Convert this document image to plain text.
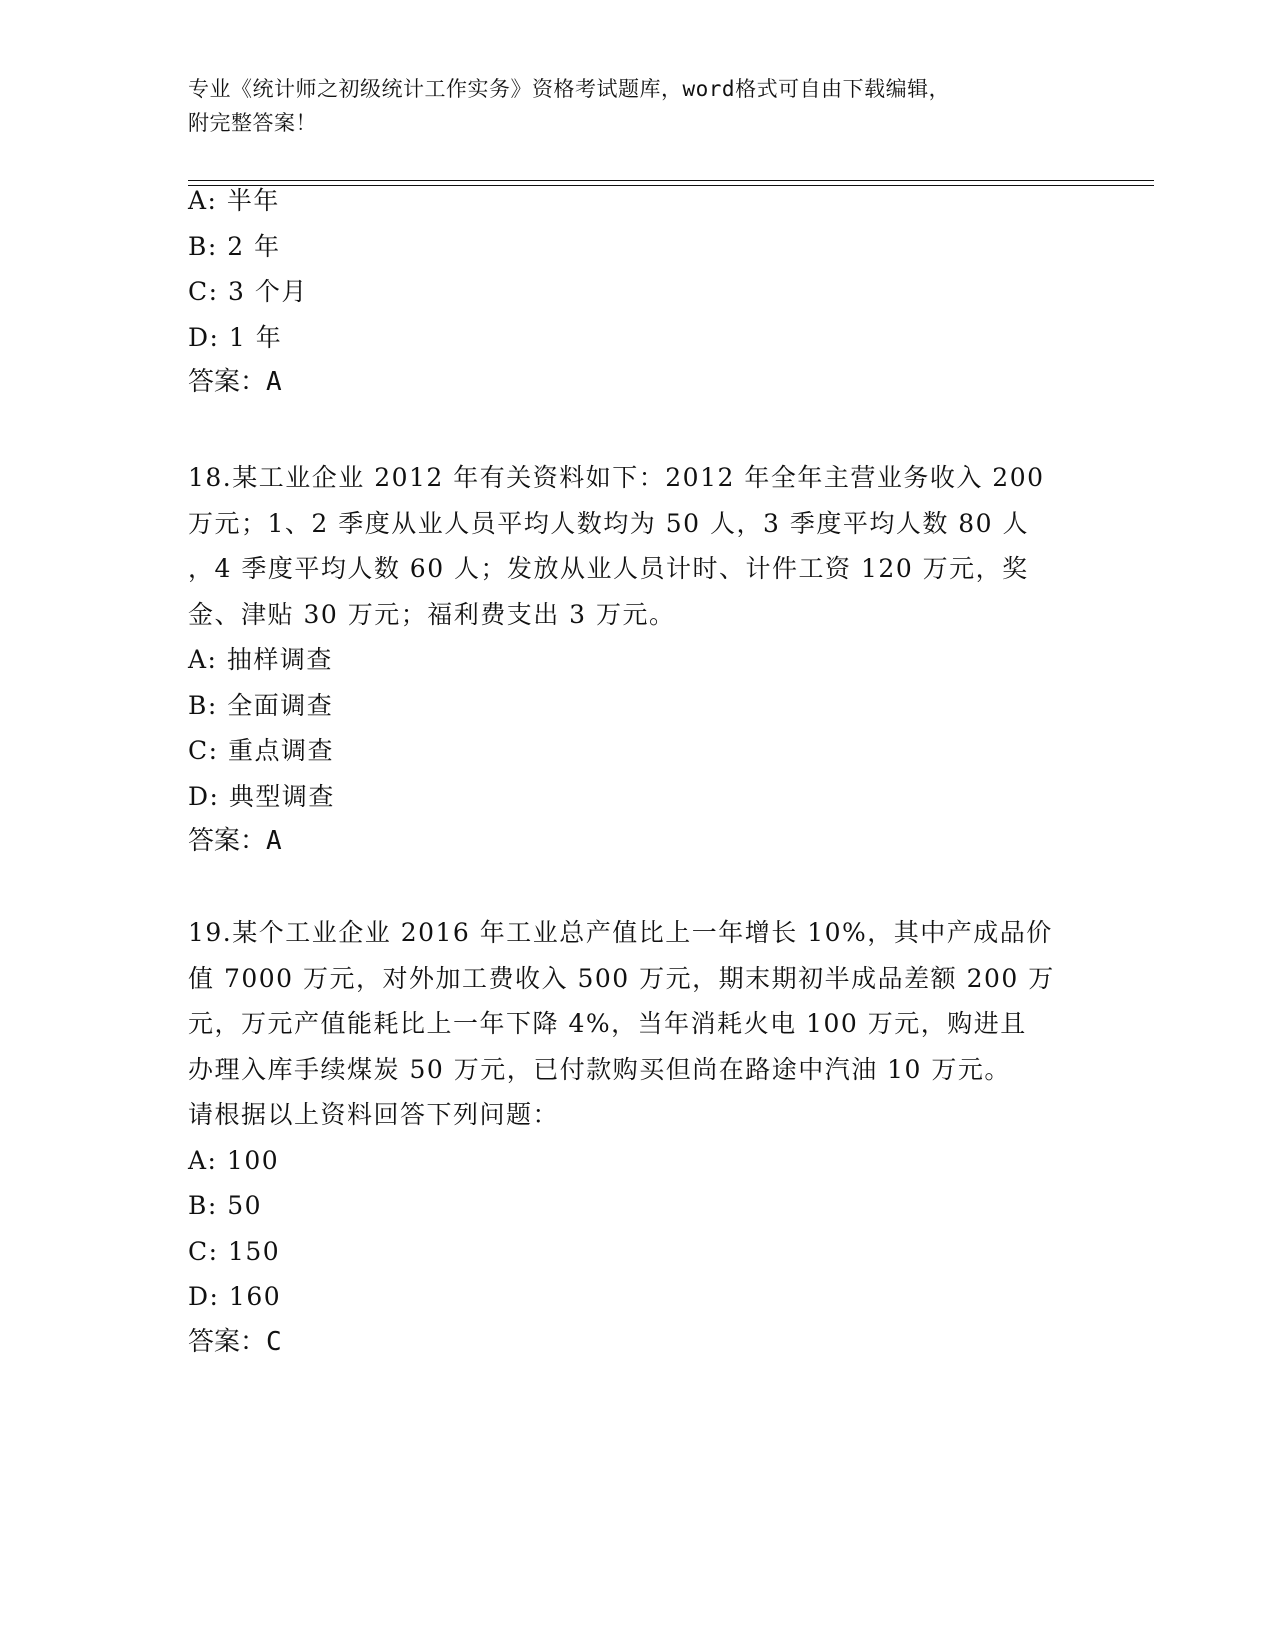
专业《统计师之初级统计工作实务》资格考试题库，word格式可自由下载编辑，
附完整答案！
A: 半年
B: 2 年
C: 3 个月
D: 1 年
答案：A
18.某工业企业 2012 年有关资料如下：2012 年全年主营业务收入 200
万元；1、2 季度从业人员平均人数均为 50 人，3 季度平均人数 80 人
，4 季度平均人数 60 人；发放从业人员计时、计件工资 120 万元，奖
金、津贴 30 万元；福利费支出 3 万元。
A: 抽样调查
B: 全面调查
C: 重点调查
D: 典型调查
答案：A
19.某个工业企业 2016 年工业总产值比上一年增长 10%，其中产成品价
值 7000 万元，对外加工费收入 500 万元，期末期初半成品差额 200 万
元，万元产值能耗比上一年下降 4%，当年消耗火电 100 万元，购进且
办理入库手续煤炭 50 万元，已付款购买但尚在路途中汽油 10 万元。
请根据以上资料回答下列问题：
A: 100
B: 50
C: 150
D: 160
答案：C
